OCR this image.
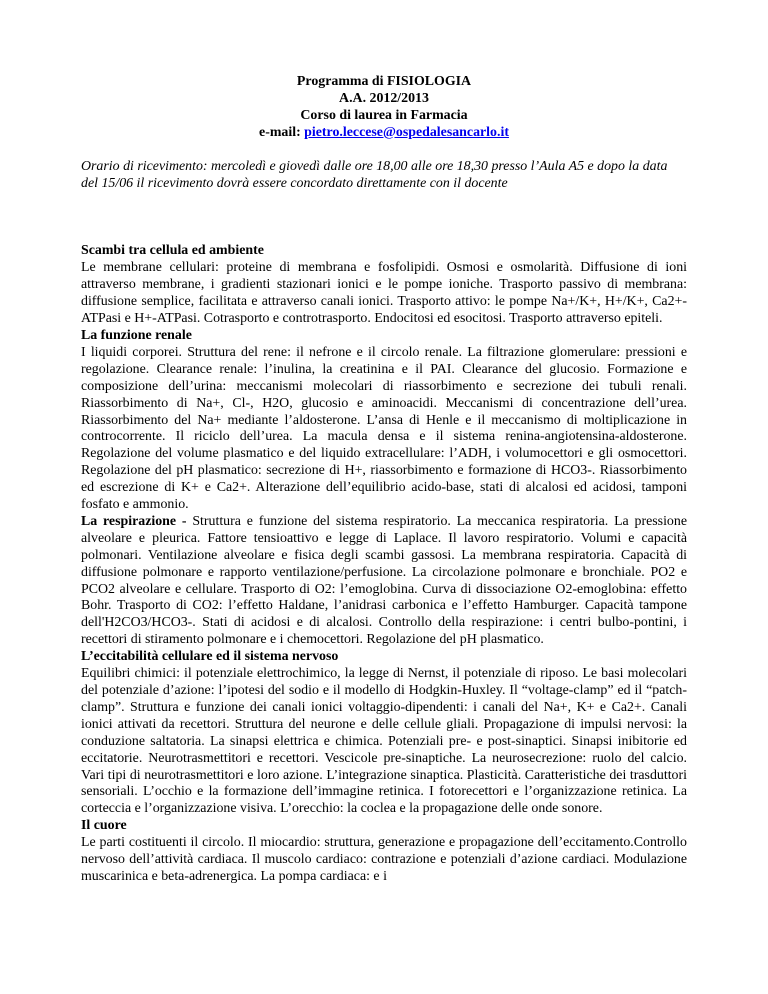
Programma di FISIOLOGIA
A.A. 2012/2013
Corso di laurea in Farmacia
e-mail: pietro.leccese@ospedalesancarlo.it

Orario di ricevimento: mercoledì e giovedì dalle ore 18,00 alle ore 18,30 presso l’Aula A5 e dopo la data del 15/06 il ricevimento dovrà essere concordato direttamente con il docente

Scambi tra cellula ed ambiente

Le membrane cellulari: proteine di membrana e fosfolipidi. Osmosi e osmolarità. Diffusione di ioni attraverso membrane, i gradienti stazionari ionici e le pompe ioniche. Trasporto passivo di membrana: diffusione semplice, facilitata e attraverso canali ionici. Trasporto attivo: le pompe Na+/K+, H+/K+, Ca2+-ATPasi e H+-ATPasi. Cotrasporto e controtrasporto. Endocitosi ed esocitosi. Trasporto attraverso epiteli.

La funzione renale

I liquidi corporei. Struttura del rene: il nefrone e il circolo renale. La filtrazione glomerulare: pressioni e regolazione. Clearance renale: l’inulina, la creatinina e il PAI. Clearance del glucosio. Formazione e composizione dell’urina: meccanismi molecolari di riassorbimento e secrezione dei tubuli renali. Riassorbimento di Na+, Cl-, H2O, glucosio e aminoacidi. Meccanismi di concentrazione dell’urea. Riassorbimento del Na+ mediante l’aldosterone. L’ansa di Henle e il meccanismo di moltiplicazione in controcorrente. Il riciclo dell’urea. La macula densa e il sistema renina-angiotensina-aldosterone. Regolazione del volume plasmatico e del liquido extracellulare: l’ADH, i volumocettori e gli osmocettori. Regolazione del pH plasmatico: secrezione di H+, riassorbimento e formazione di HCO3-. Riassorbimento ed escrezione di K+ e Ca2+. Alterazione dell’equilibrio acido-base, stati di alcalosi ed acidosi, tamponi fosfato e ammonio.

La respirazione - Struttura e funzione del sistema respiratorio. La meccanica respiratoria. La pressione alveolare e pleurica. Fattore tensioattivo e legge di Laplace. Il lavoro respiratorio. Volumi e capacità polmonari. Ventilazione alveolare e fisica degli scambi gassosi. La membrana respiratoria. Capacità di diffusione polmonare e rapporto ventilazione/perfusione. La circolazione polmonare e bronchiale. PO2 e PCO2 alveolare e cellulare. Trasporto di O2: l’emoglobina. Curva di dissociazione O2-emoglobina: effetto Bohr. Trasporto di CO2: l’effetto Haldane, l’anidrasi carbonica e l’effetto Hamburger. Capacità tampone dell'H2CO3/HCO3-. Stati di acidosi e di alcalosi. Controllo della respirazione: i centri bulbo-pontini, i recettori di stiramento polmonare e i chemocettori. Regolazione del pH plasmatico.

L’eccitabilità cellulare ed il sistema nervoso

Equilibri chimici: il potenziale elettrochimico, la legge di Nernst, il potenziale di riposo. Le basi molecolari del potenziale d’azione: l’ipotesi del sodio e il modello di Hodgkin-Huxley. Il “voltage-clamp” ed il “patch-clamp”. Struttura e funzione dei canali ionici voltaggio-dipendenti: i canali del Na+, K+ e Ca2+. Canali ionici attivati da recettori. Struttura del neurone e delle cellule gliali. Propagazione di impulsi nervosi: la conduzione saltatoria. La sinapsi elettrica e chimica. Potenziali pre- e post-sinaptici. Sinapsi inibitorie ed eccitatorie. Neurotrasmettitori e recettori. Vescicole pre-sinaptiche. La neurosecrezione: ruolo del calcio. Vari tipi di neurotrasmettitori e loro azione. L’integrazione sinaptica. Plasticità. Caratteristiche dei trasduttori sensoriali. L’occhio e la formazione dell’immagine retinica. I fotorecettori e l’organizzazione retinica. La corteccia e l’organizzazione visiva. L’orecchio: la coclea e la propagazione delle onde sonore.

Il cuore

Le parti costituenti il circolo. Il miocardio: struttura, generazione e propagazione dell’eccitamento.Controllo nervoso dell’attività cardiaca. Il muscolo cardiaco: contrazione e potenziali d’azione cardiaci. Modulazione muscarinica e beta-adrenergica. La pompa cardiaca: e i
